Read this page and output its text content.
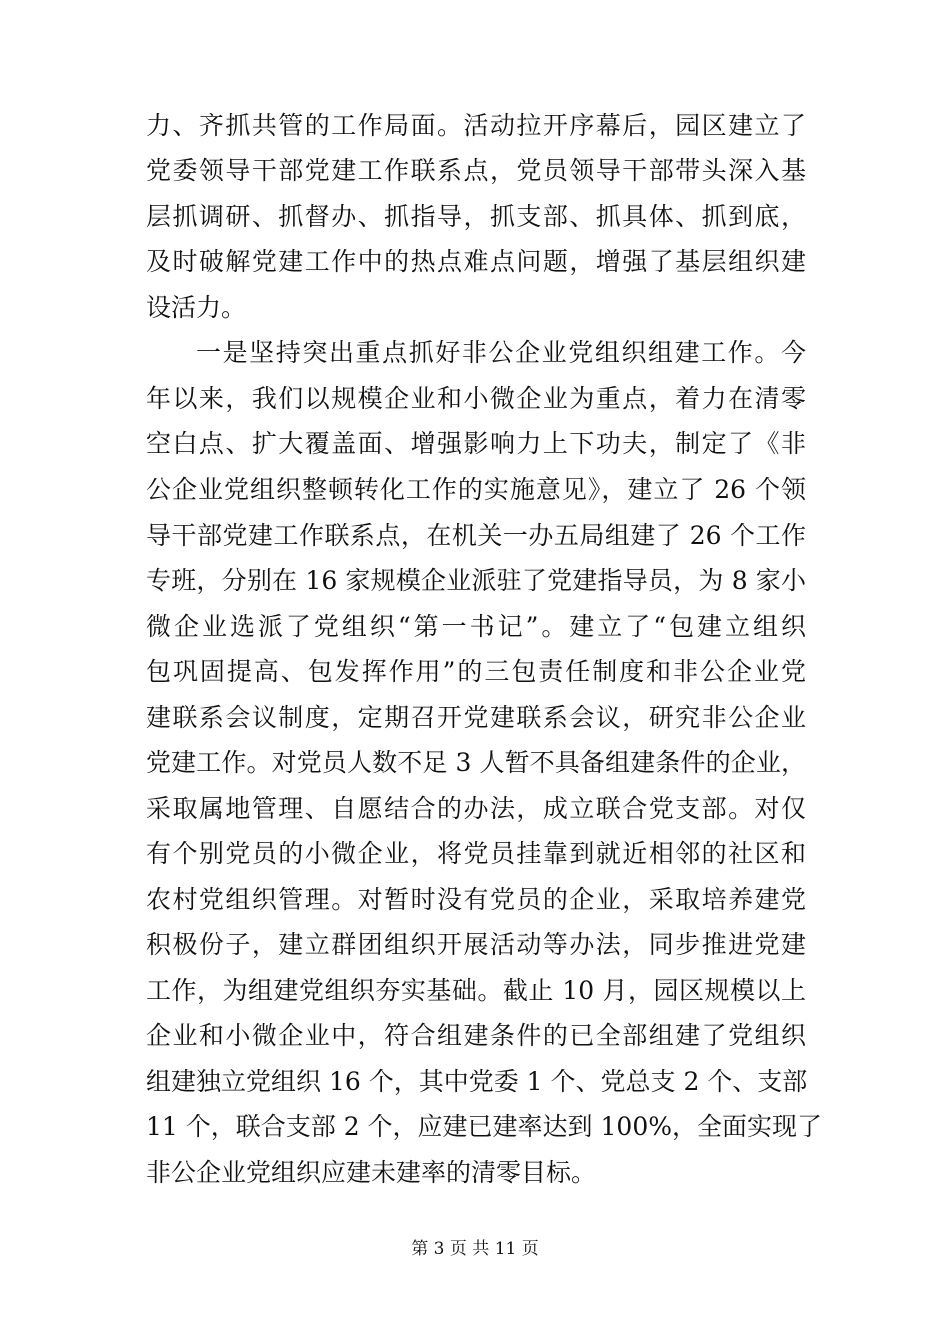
力、齐抓共管的工作局面。活动拉开序幕后，园区建立了
党委领导干部党建工作联系点，党员领导干部带头深入基
层抓调研、抓督办、抓指导，抓支部、抓具体、抓到底，
及时破解党建工作中的热点难点问题，增强了基层组织建
设活力。
一是坚持突出重点抓好非公企业党组织组建工作。今
年以来，我们以规模企业和小微企业为重点，着力在清零
空白点、扩大覆盖面、增强影响力上下功夫，制定了《非
公企业党组织整顿转化工作的实施意见》，建立了 26 个领
导干部党建工作联系点，在机关一办五局组建了 26 个工作
专班，分别在 16 家规模企业派驻了党建指导员，为 8 家小
微企业选派了党组织“第一书记”。建立了“包建立组织
包巩固提高、包发挥作用”的三包责任制度和非公企业党
建联系会议制度，定期召开党建联系会议，研究非公企业
党建工作。对党员人数不足 3 人暂不具备组建条件的企业，
采取属地管理、自愿结合的办法，成立联合党支部。对仅
有个别党员的小微企业，将党员挂靠到就近相邻的社区和
农村党组织管理。对暂时没有党员的企业，采取培养建党
积极份子，建立群团组织开展活动等办法，同步推进党建
工作，为组建党组织夯实基础。截止 10 月，园区规模以上
企业和小微企业中，符合组建条件的已全部组建了党组织
组建独立党组织 16 个，其中党委 1 个、党总支 2 个、支部
11 个，联合支部 2 个，应建已建率达到 100%，全面实现了
非公企业党组织应建未建率的清零目标。
第 3 页 共 11 页
